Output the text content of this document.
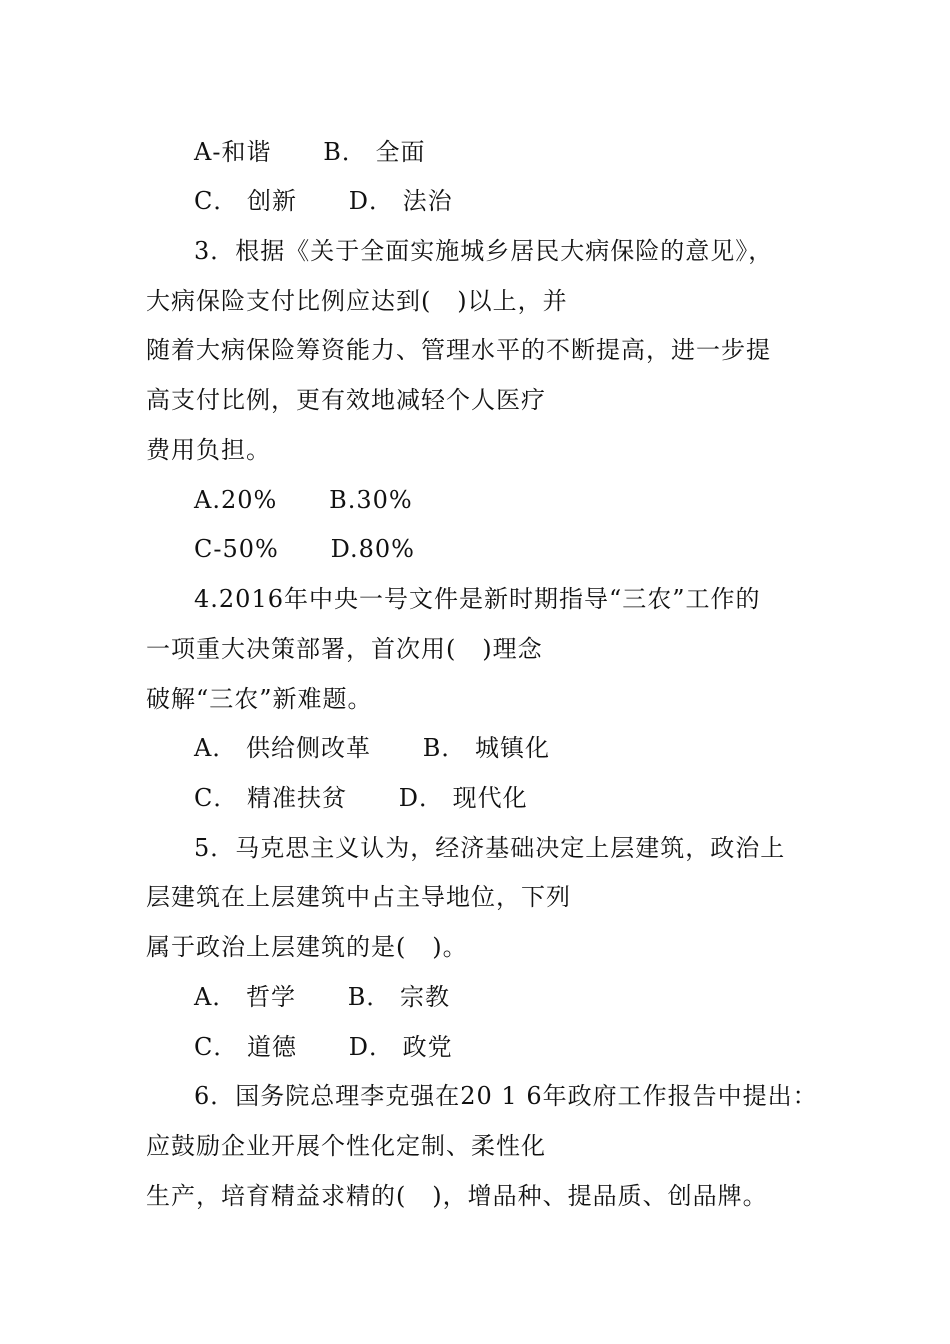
A-和谐      B． 全面
C． 创新      D． 法治
3．根据《关于全面实施城乡居民大病保险的意见》，
大病保险支付比例应达到(   )以上，并
随着大病保险筹资能力、管理水平的不断提高，进一步提
高支付比例，更有效地减轻个人医疗
费用负担。
A.20%      B.30%
C-50%      D.80%
4.2016年中央一号文件是新时期指导“三农”工作的
一项重大决策部署，首次用(   )理念
破解“三农”新难题。
A． 供给侧改革      B． 城镇化
C． 精准扶贫      D． 现代化
5．马克思主义认为，经济基础决定上层建筑，政治上
层建筑在上层建筑中占主导地位，下列
属于政治上层建筑的是(   )。
A． 哲学      B． 宗教
C． 道德      D． 政党
6．国务院总理李克强在20 1 6年政府工作报告中提出：
应鼓励企业开展个性化定制、柔性化
生产，培育精益求精的(   )，增品种、提品质、创品牌。
